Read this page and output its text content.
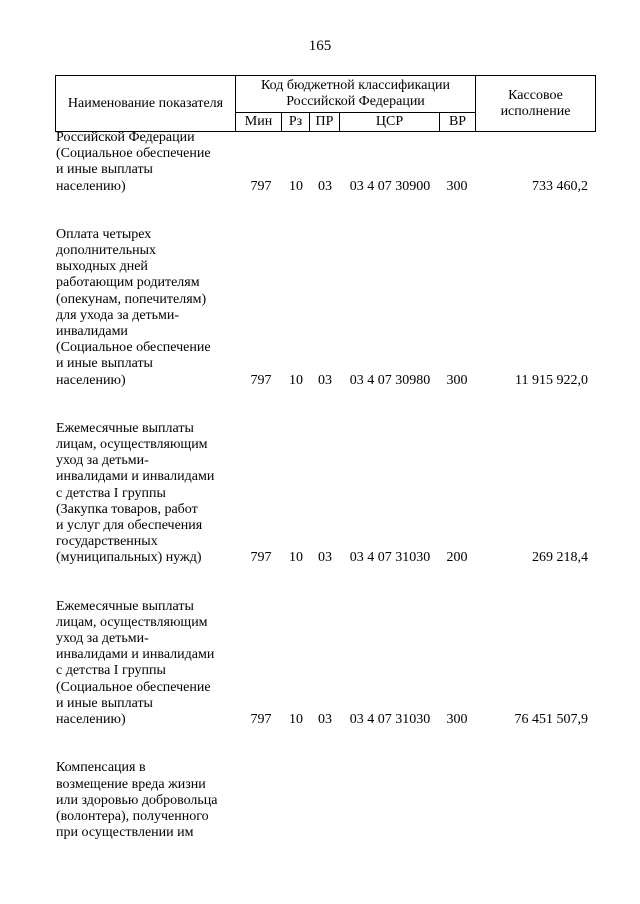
165
Наименование показателя	Код бюджетной классификации Российской Федерации					Кассовое исполнение
	Мин	Рз	ПР	ЦСР	ВР	
Российской Федерации
(Социальное обеспечение
и иные выплаты
населению)	797	10	03	03 4 07 30900	300	733 460,2
Оплата четырех
дополнительных
выходных дней
работающим родителям
(опекунам, попечителям)
для ухода за детьми-
инвалидами
(Социальное обеспечение
и иные выплаты
населению)	797	10	03	03 4 07 30980	300	11 915 922,0
Ежемесячные выплаты
лицам, осуществляющим
уход за детьми-
инвалидами и инвалидами
с детства I группы
(Закупка товаров, работ
и услуг для обеспечения
государственных
(муниципальных) нужд)	797	10	03	03 4 07 31030	200	269 218,4
Ежемесячные выплаты
лицам, осуществляющим
уход за детьми-
инвалидами и инвалидами
с детства I группы
(Социальное обеспечение
и иные выплаты
населению)	797	10	03	03 4 07 31030	300	76 451 507,9
Компенсация в
возмещение вреда жизни
или здоровью добровольца
(волонтера), полученного
при осуществлении им
